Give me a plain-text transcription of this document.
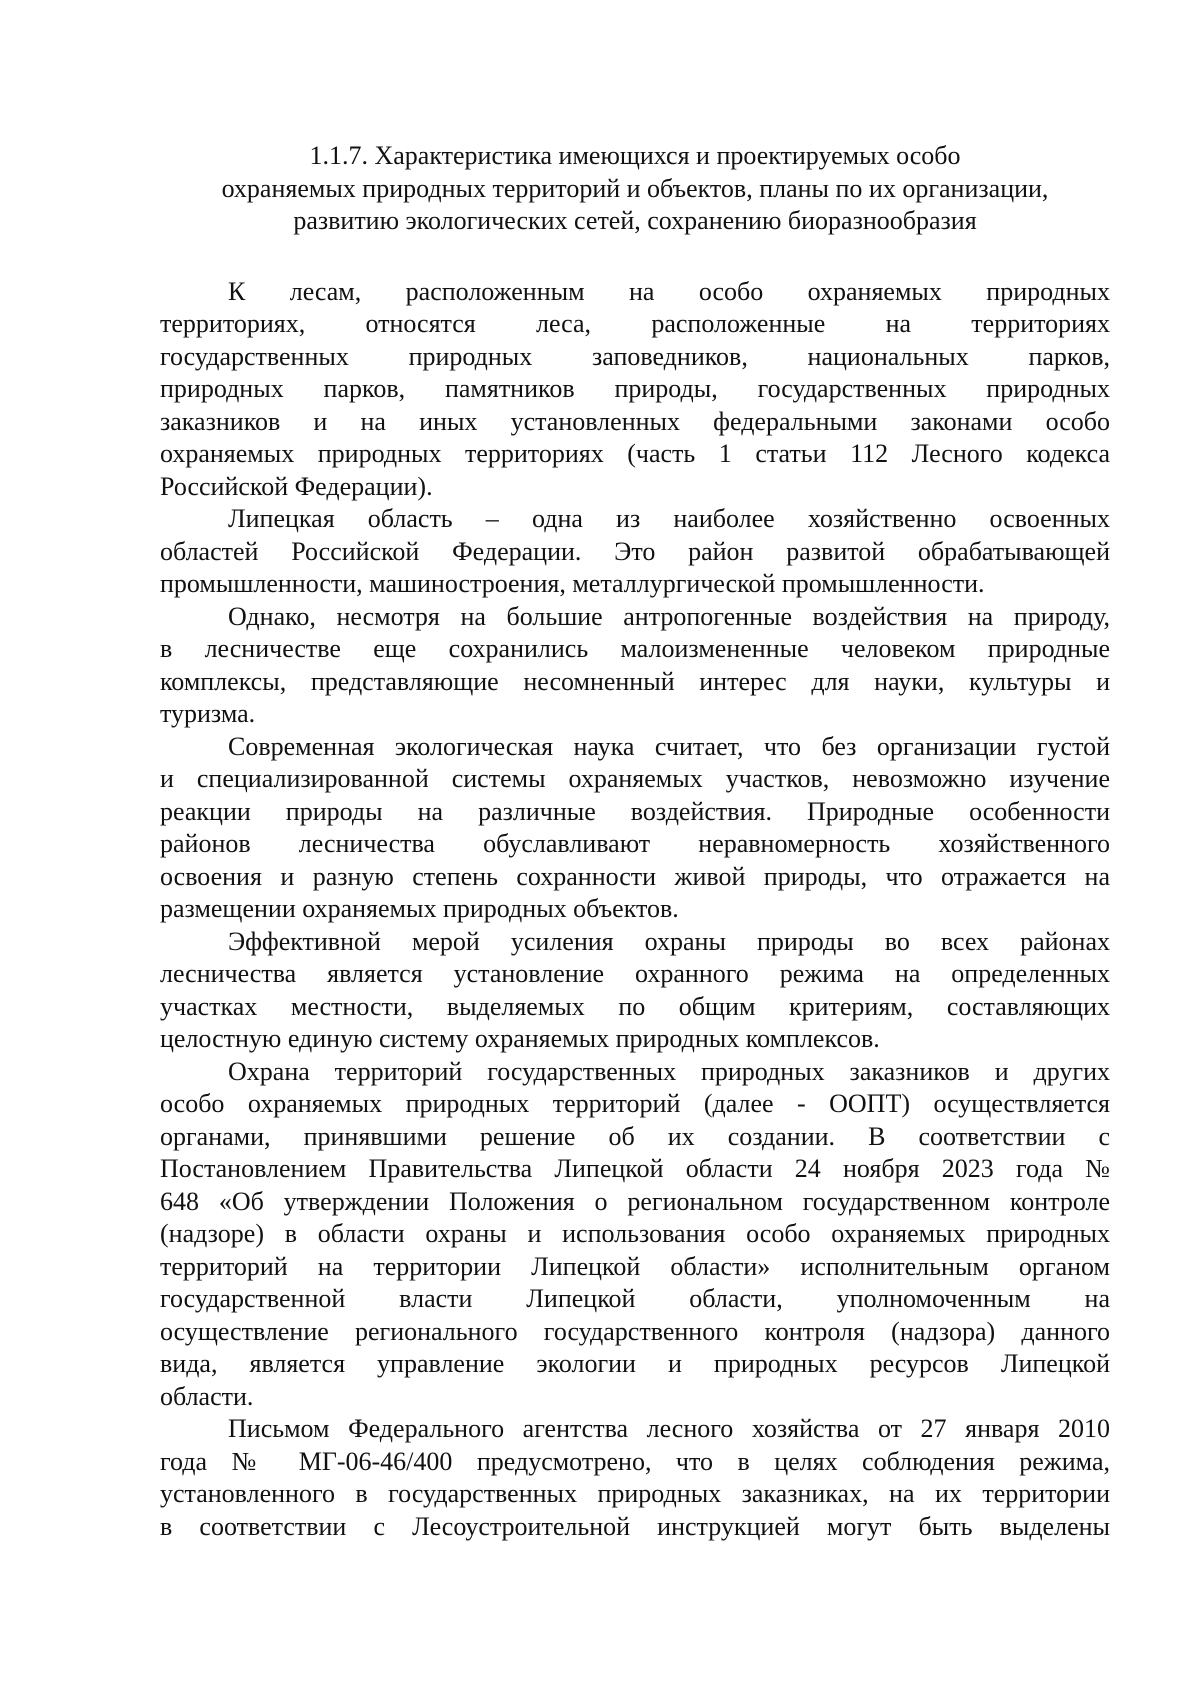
1.1.7. Характеристика имеющихся и проектируемых особо
охраняемых природных территорий и объектов, планы по их организации,
развитию экологических сетей, сохранению биоразнообразия
К лесам, расположенным на особо охраняемых природных
территориях, относятся леса, расположенные на территориях
государственных природных заповедников, национальных парков,
природных парков, памятников природы, государственных природных
заказников и на иных установленных федеральными законами особо
охраняемых природных территориях (часть 1 статьи 112 Лесного кодекса
Российской Федерации).
Липецкая область – одна из наиболее хозяйственно освоенных
областей Российской Федерации. Это район развитой обрабатывающей
промышленности, машиностроения, металлургической промышленности.
Однако, несмотря на большие антропогенные воздействия на природу,
в лесничестве еще сохранились малоизмененные человеком природные
комплексы, представляющие несомненный интерес для науки, культуры и
туризма.
Современная экологическая наука считает, что без организации густой
и специализированной системы охраняемых участков, невозможно изучение
реакции природы на различные воздействия. Природные особенности
районов лесничества обуславливают неравномерность хозяйственного
освоения и разную степень сохранности живой природы, что отражается на
размещении охраняемых природных объектов.
Эффективной мерой усиления охраны природы во всех районах
лесничества является установление охранного режима на определенных
участках местности, выделяемых по общим критериям, составляющих
целостную единую систему охраняемых природных комплексов.
Охрана территорий государственных природных заказников и других
особо охраняемых природных территорий (далее - ООПТ) осуществляется
органами, принявшими решение об их создании. В соответствии с
Постановлением Правительства Липецкой области 24 ноября 2023 года №
648 «Об утверждении Положения о региональном государственном контроле
(надзоре) в области охраны и использования особо охраняемых природных
территорий на территории Липецкой области» исполнительным органом
государственной власти Липецкой области, уполномоченным на
осуществление регионального государственного контроля (надзора) данного
вида, является управление экологии и природных ресурсов Липецкой
области.
Письмом Федерального агентства лесного хозяйства от 27 января 2010
года № МГ-06-46/400 предусмотрено, что в целях соблюдения режима,
установленного в государственных природных заказниках, на их территории
в соответствии с Лесоустроительной инструкцией могут быть выделены
